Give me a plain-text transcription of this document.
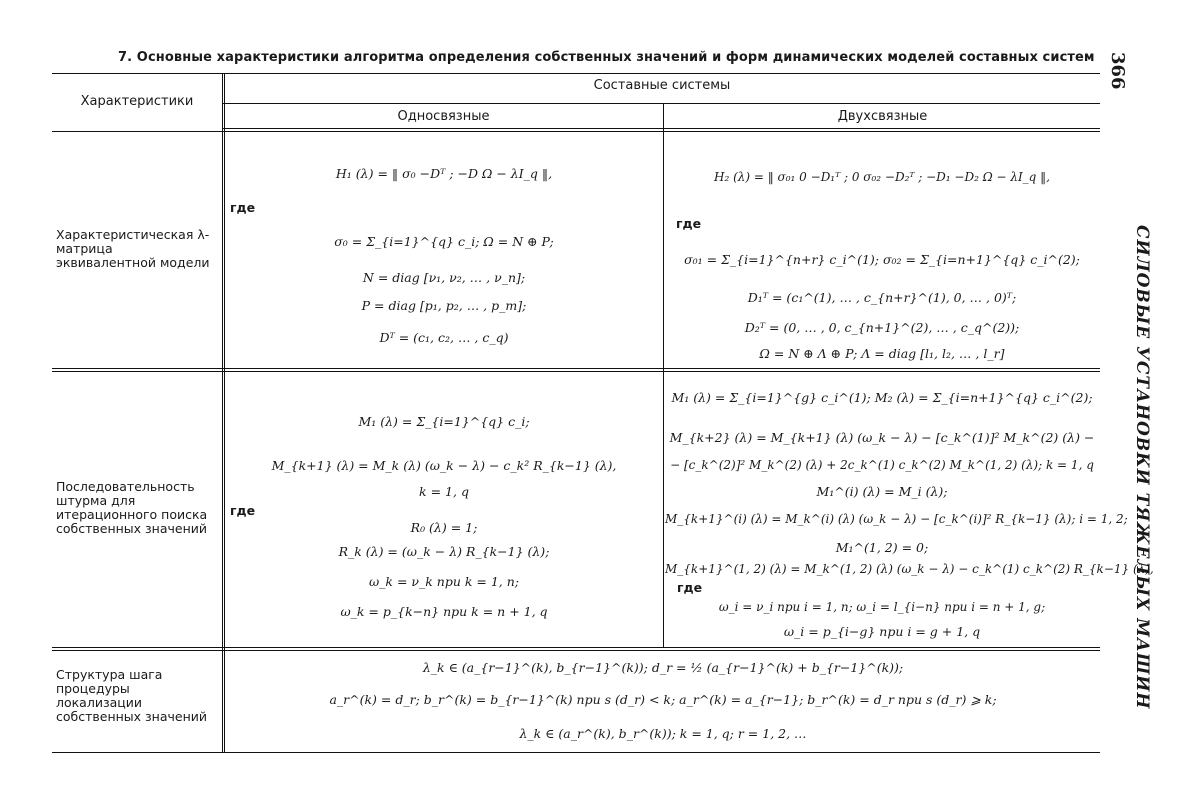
7. Основные характеристики алгоритма определения собственных значений и форм динамических моделей составных систем 366
СИЛОВЫЕ УСТАНОВКИ ТЯЖЕЛЫХ МАШИН
Характеристики
Составные системы
Односвязные	Двухсвязные
Характеристическая λ-матрица эквивалентной модели
где
H₁ (λ) = ‖ σ₀ −Dᵀ ; −D Ω − λI_q ‖,
σ₀ = Σ_{i=1}^{q} c_i; Ω = N ⊕ P;
N = diag [ν₁, ν₂, … , ν_n];
P = diag [p₁, p₂, … , p_m];
Dᵀ = (c₁, c₂, … , c_q)
где
H₂ (λ) = ‖ σ₀₁ 0 −D₁ᵀ ; 0 σ₀₂ −D₂ᵀ ; −D₁ −D₂ Ω − λI_q ‖,
σ₀₁ = Σ_{i=1}^{n+r} c_i^(1); σ₀₂ = Σ_{i=n+1}^{q} c_i^(2);
D₁ᵀ = (c₁^(1), … , c_{n+r}^(1), 0, … , 0)ᵀ;
D₂ᵀ = (0, … , 0, c_{n+1}^(2), … , c_q^(2));
Ω = N ⊕ Λ ⊕ P; Λ = diag [l₁, l₂, … , l_r]
Последовательность штурма для итерационного поиска собственных значений
где
M₁ (λ) = Σ_{i=1}^{q} c_i;
M_{k+1} (λ) = M_k (λ) (ω_k − λ) − c_k² R_{k−1} (λ),
k = 1, q
R₀ (λ) = 1;
R_k (λ) = (ω_k − λ) R_{k−1} (λ);
ω_k = ν_k при k = 1, n;
ω_k = p_{k−n} при k = n + 1, q
где
M₁ (λ) = Σ_{i=1}^{g} c_i^(1); M₂ (λ) = Σ_{i=n+1}^{q} c_i^(2);
M_{k+2} (λ) = M_{k+1} (λ) (ω_k − λ) − [c_k^(1)]² M_k^(2) (λ) −
− [c_k^(2)]² M_k^(2) (λ) + 2c_k^(1) c_k^(2) M_k^(1, 2) (λ); k = 1, q
M₁^(i) (λ) = M_i (λ);
M_{k+1}^(i) (λ) = M_k^(i) (λ) (ω_k − λ) − [c_k^(i)]² R_{k−1} (λ); i = 1, 2;
M₁^(1, 2) = 0;
M_{k+1}^(1, 2) (λ) = M_k^(1, 2) (λ) (ω_k − λ) − c_k^(1) c_k^(2) R_{k−1} (λ),
ω_i = ν_i при i = 1, n; ω_i = l_{i−n} при i = n + 1, g;
ω_i = p_{i−g} при i = g + 1, q
Структура шага процедуры локализации собственных значений
λ_k ∈ (a_{r−1}^(k), b_{r−1}^(k)); d_r = ½ (a_{r−1}^(k) + b_{r−1}^(k));
a_r^(k) = d_r; b_r^(k) = b_{r−1}^(k) при s (d_r) < k; a_r^(k) = a_{r−1}; b_r^(k) = d_r при s (d_r) ⩾ k;
λ_k ∈ (a_r^(k), b_r^(k)); k = 1, q; r = 1, 2, …
